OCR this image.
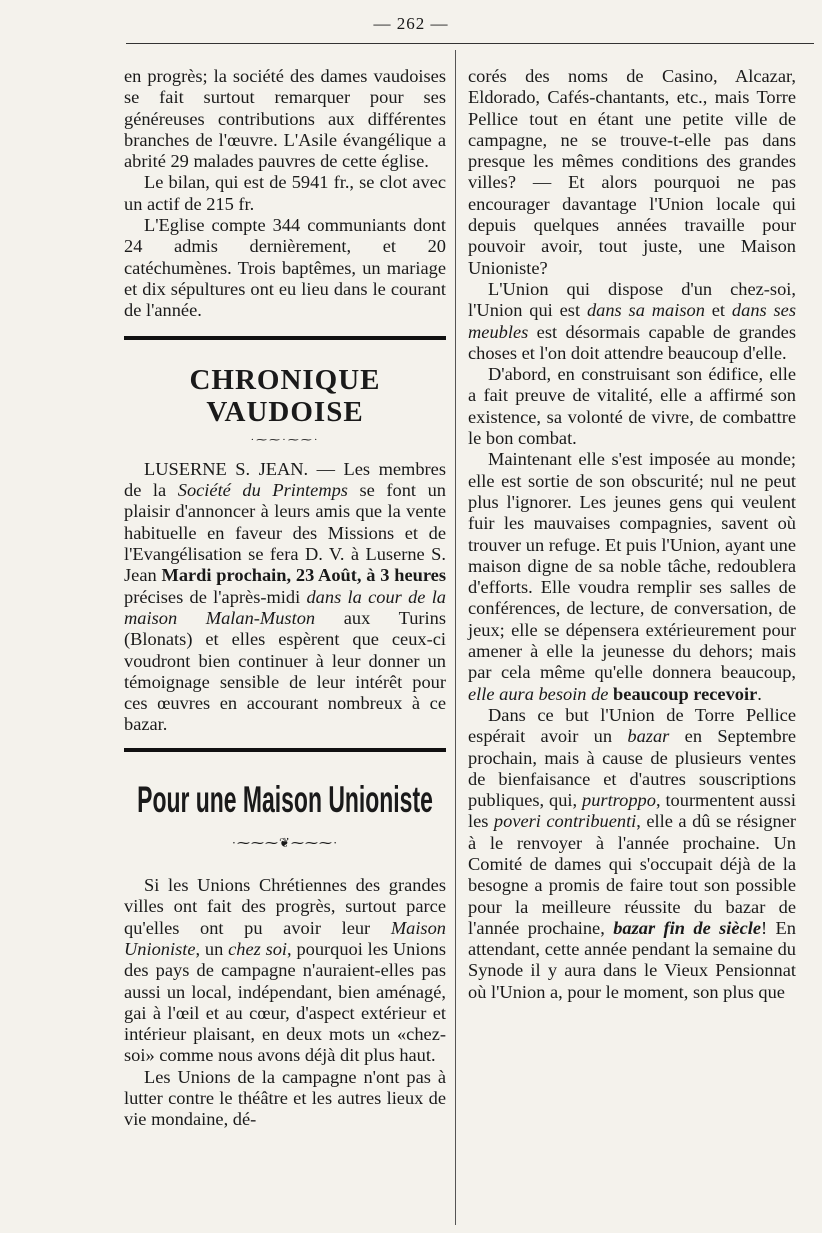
— 262 —

en progrès; la société des dames vaudoises se fait surtout remarquer pour ses généreuses contributions aux différentes branches de l'œuvre. L'Asile évangélique a abrité 29 malades pauvres de cette église.

Le bilan, qui est de 5941 fr., se clot avec un actif de 215 fr.

L'Eglise compte 344 communiants dont 24 admis dernièrement, et 20 catéchumènes. Trois baptêmes, un mariage et dix sépultures ont eu lieu dans le courant de l'année.

CHRONIQUE VAUDOISE
·⁓⁓·⁓⁓·

LUSERNE S. JEAN. — Les membres de la Société du Printemps se font un plaisir d'annoncer à leurs amis que la vente habituelle en faveur des Missions et de l'Evangélisation se fera D. V. à Luserne S. Jean Mardi prochain, 23 Août, à 3 heures précises de l'après-midi dans la cour de la maison Malan-Muston aux Turins (Blonats) et elles espèrent que ceux-ci voudront bien continuer à leur donner un témoignage sensible de leur intérêt pour ces œuvres en accourant nombreux à ce bazar.

Pour une Maison Unioniste
·⁓⁓⁓❦⁓⁓⁓·

Si les Unions Chrétiennes des grandes villes ont fait des progrès, surtout parce qu'elles ont pu avoir leur Maison Unioniste, un chez soi, pourquoi les Unions des pays de campagne n'auraient-elles pas aussi un local, indépendant, bien aménagé, gai à l'œil et au cœur, d'aspect extérieur et intérieur plaisant, en deux mots un «chez-soi» comme nous avons déjà dit plus haut.

Les Unions de la campagne n'ont pas à lutter contre le théâtre et les autres lieux de vie mondaine, dé-

corés des noms de Casino, Alcazar, Eldorado, Cafés-chantants, etc., mais Torre Pellice tout en étant une petite ville de campagne, ne se trouve-t-elle pas dans presque les mêmes conditions des grandes villes? — Et alors pourquoi ne pas encourager davantage l'Union locale qui depuis quelques années travaille pour pouvoir avoir, tout juste, une Maison Unioniste?

L'Union qui dispose d'un chez-soi, l'Union qui est dans sa maison et dans ses meubles est désormais capable de grandes choses et l'on doit attendre beaucoup d'elle.

D'abord, en construisant son édifice, elle a fait preuve de vitalité, elle a affirmé son existence, sa volonté de vivre, de combattre le bon combat.

Maintenant elle s'est imposée au monde; elle est sortie de son obscurité; nul ne peut plus l'ignorer. Les jeunes gens qui veulent fuir les mauvaises compagnies, savent où trouver un refuge. Et puis l'Union, ayant une maison digne de sa noble tâche, redoublera d'efforts. Elle voudra remplir ses salles de conférences, de lecture, de conversation, de jeux; elle se dépensera extérieurement pour amener à elle la jeunesse du dehors; mais par cela même qu'elle donnera beaucoup, elle aura besoin de beaucoup recevoir.

Dans ce but l'Union de Torre Pellice espérait avoir un bazar en Septembre prochain, mais à cause de plusieurs ventes de bienfaisance et d'autres souscriptions publiques, qui, purtroppo, tourmentent aussi les poveri contribuenti, elle a dû se résigner à le renvoyer à l'année prochaine. Un Comité de dames qui s'occupait déjà de la besogne a promis de faire tout son possible pour la meilleure réussite du bazar de l'année prochaine, bazar fin de siècle! En attendant, cette année pendant la semaine du Synode il y aura dans le Vieux Pensionnat où l'Union a, pour le moment, son plus que
